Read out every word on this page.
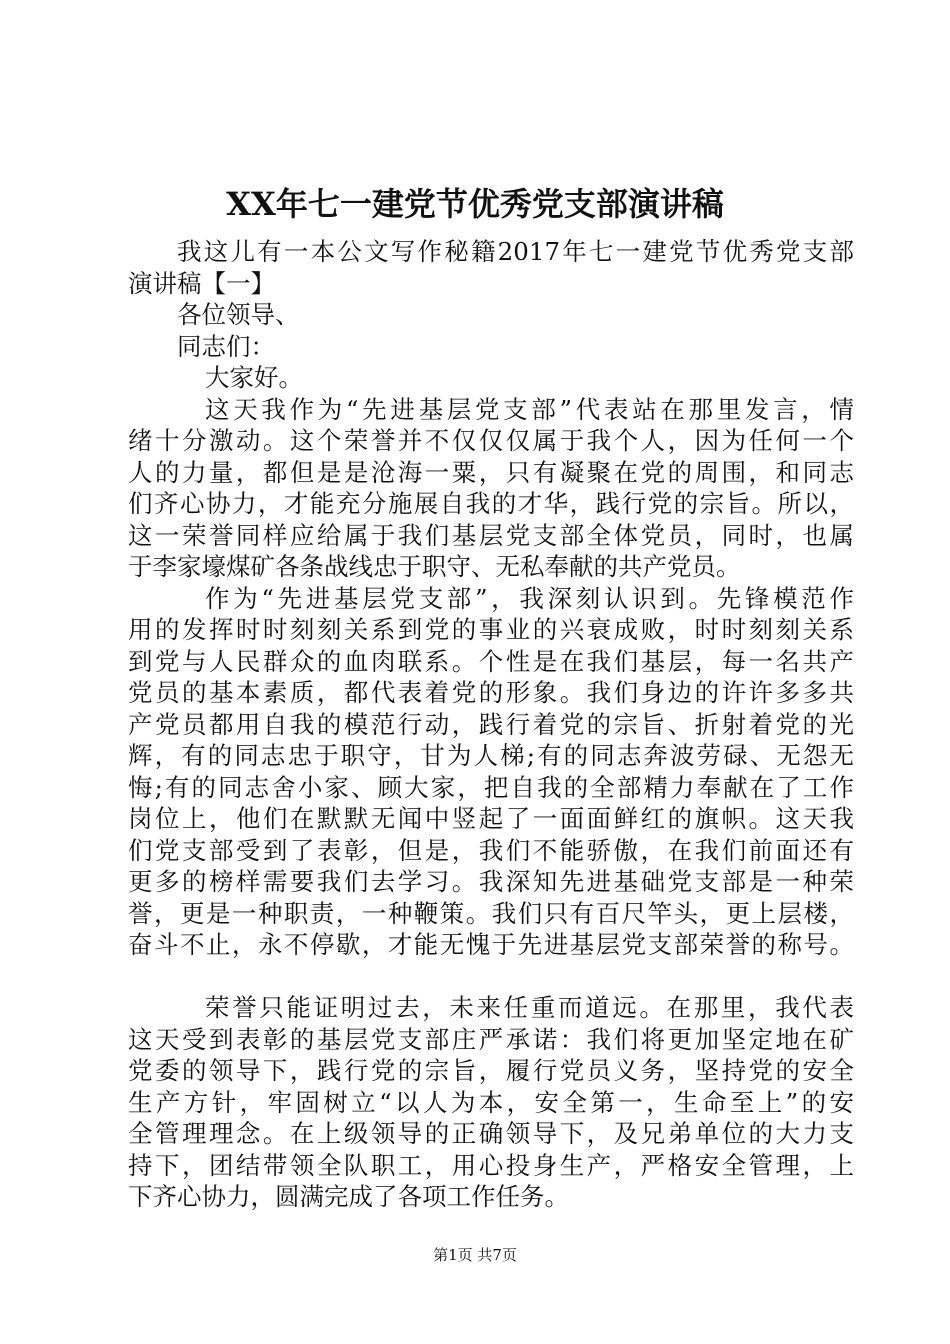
XX年七一建党节优秀党支部演讲稿
我这儿有一本公文写作秘籍2017年七一建党节优秀党支部
演讲稿【一】
各位领导、
同志们：
大家好。
这天我作为“先进基层党支部”代表站在那里发言，情
绪十分激动。这个荣誉并不仅仅仅属于我个人，因为任何一个
人的力量，都但是是沧海一粟，只有凝聚在党的周围，和同志
们齐心协力，才能充分施展自我的才华，践行党的宗旨。所以，
这一荣誉同样应给属于我们基层党支部全体党员，同时，也属
于李家壕煤矿各条战线忠于职守、无私奉献的共产党员。
作为“先进基层党支部”，我深刻认识到。先锋模范作
用的发挥时时刻刻关系到党的事业的兴衰成败，时时刻刻关系
到党与人民群众的血肉联系。个性是在我们基层，每一名共产
党员的基本素质，都代表着党的形象。我们身边的许许多多共
产党员都用自我的模范行动，践行着党的宗旨、折射着党的光
辉，有的同志忠于职守，甘为人梯;有的同志奔波劳碌、无怨无
悔;有的同志舍小家、顾大家，把自我的全部精力奉献在了工作
岗位上，他们在默默无闻中竖起了一面面鲜红的旗帜。这天我
们党支部受到了表彰，但是，我们不能骄傲，在我们前面还有
更多的榜样需要我们去学习。我深知先进基础党支部是一种荣
誉，更是一种职责，一种鞭策。我们只有百尺竿头，更上层楼，
奋斗不止，永不停歇，才能无愧于先进基层党支部荣誉的称号。
荣誉只能证明过去，未来任重而道远。在那里，我代表
这天受到表彰的基层党支部庄严承诺：我们将更加坚定地在矿
党委的领导下，践行党的宗旨，履行党员义务，坚持党的安全
生产方针，牢固树立“以人为本，安全第一，生命至上”的安
全管理理念。在上级领导的正确领导下，及兄弟单位的大力支
持下，团结带领全队职工，用心投身生产，严格安全管理，上
下齐心协力，圆满完成了各项工作任务。
第1页 共7页
